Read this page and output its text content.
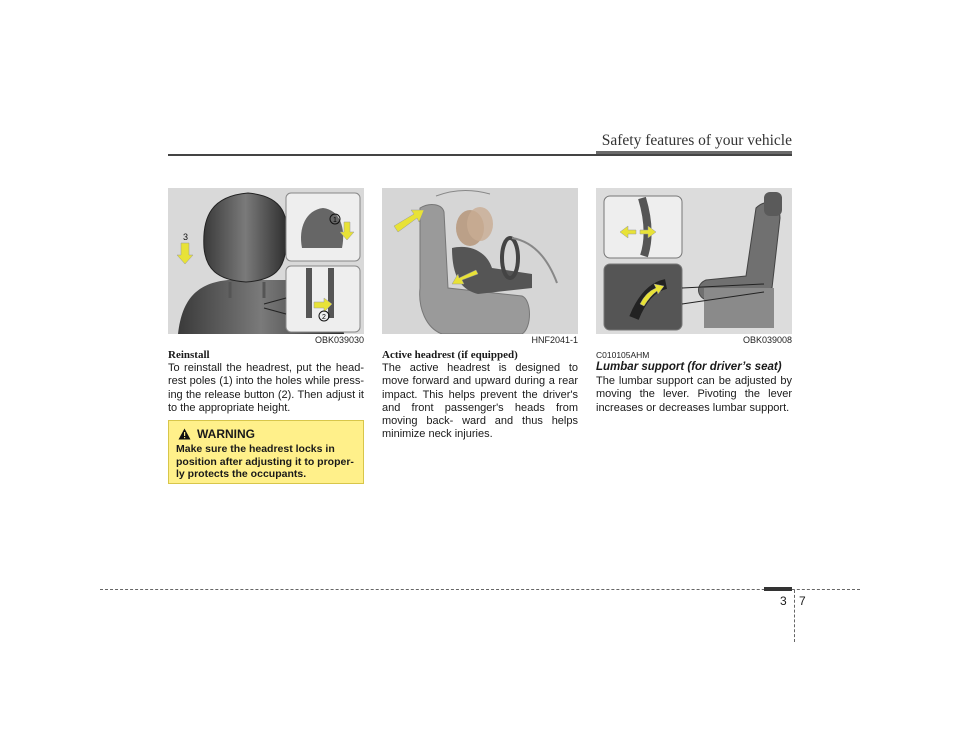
Safety features of your vehicle
3
1
2
OBK039030
Reinstall
To reinstall the headrest, put the head- rest poles (1) into the holes while press- ing the release button (2). Then adjust it to the appropriate height.
WARNING
Make sure the headrest locks in position after adjusting it to proper- ly protects the occupants.
HNF2041-1
Active headrest (if equipped)
The active headrest is designed to move forward and upward during a rear impact. This helps prevent the driver's and front passenger's heads from moving back- ward and thus helps minimize neck injuries.
OBK039008
C010105AHM
Lumbar support (for driver’s seat)
The lumbar support can be adjusted by moving the lever. Pivoting the lever increases or decreases lumbar support.
3 7
